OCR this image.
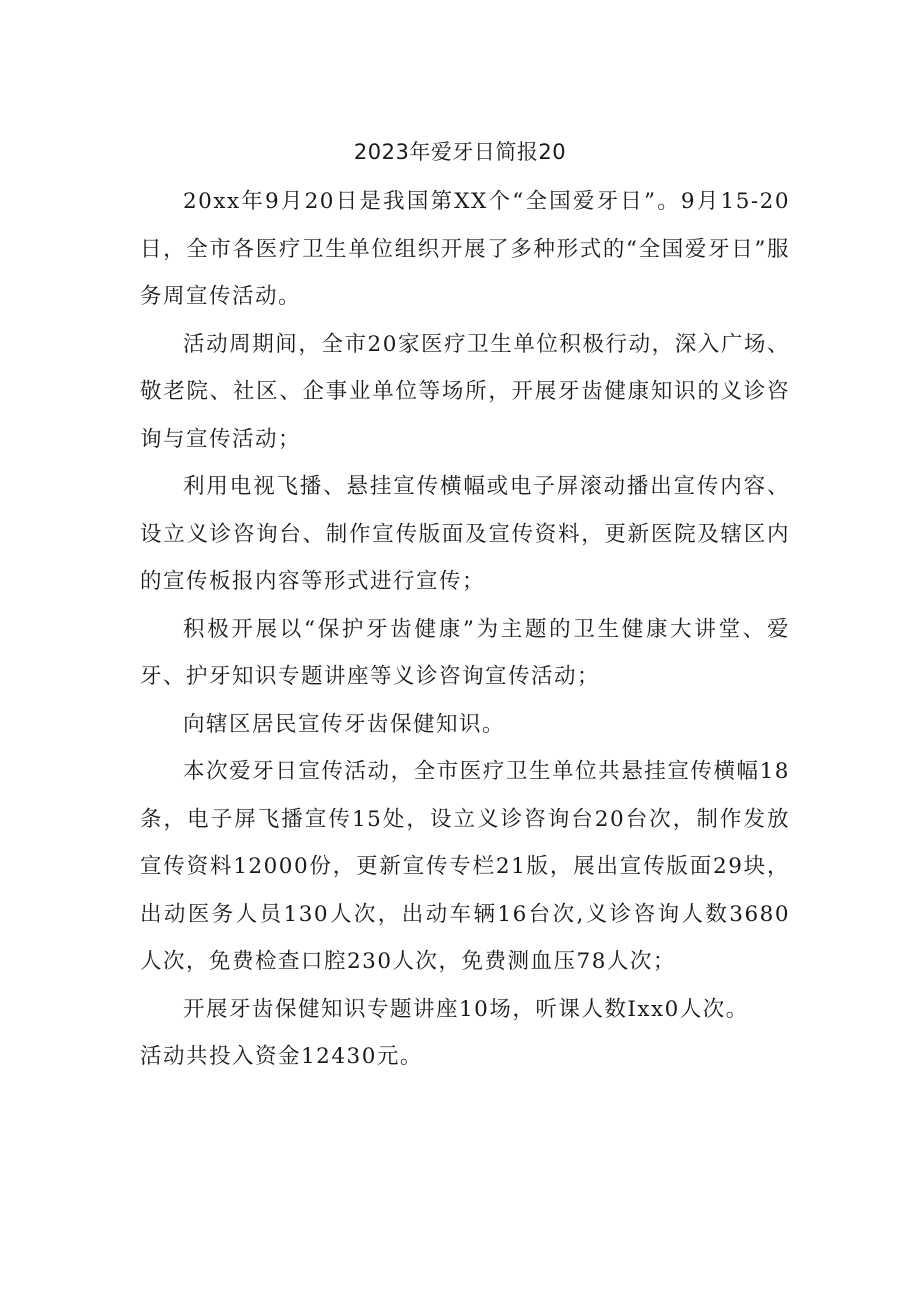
2023年爱牙日简报20

20xx年9月20日是我国第XX个“全国爱牙日”。9月15-20日，全市各医疗卫生单位组织开展了多种形式的“全国爱牙日”服务周宣传活动。

活动周期间，全市20家医疗卫生单位积极行动，深入广场、敬老院、社区、企事业单位等场所，开展牙齿健康知识的义诊咨询与宣传活动；

利用电视飞播、悬挂宣传横幅或电子屏滚动播出宣传内容、设立义诊咨询台、制作宣传版面及宣传资料，更新医院及辖区内的宣传板报内容等形式进行宣传；

积极开展以“保护牙齿健康”为主题的卫生健康大讲堂、爱牙、护牙知识专题讲座等义诊咨询宣传活动；

向辖区居民宣传牙齿保健知识。

本次爱牙日宣传活动，全市医疗卫生单位共悬挂宣传横幅18条，电子屏飞播宣传15处，设立义诊咨询台20台次，制作发放宣传资料12000份，更新宣传专栏21版，展出宣传版面29块，出动医务人员130人次，出动车辆16台次,义诊咨询人数3680人次，免费检查口腔230人次，免费测血压78人次；

开展牙齿保健知识专题讲座10场，听课人数Ixx0人次。

活动共投入资金12430元。
